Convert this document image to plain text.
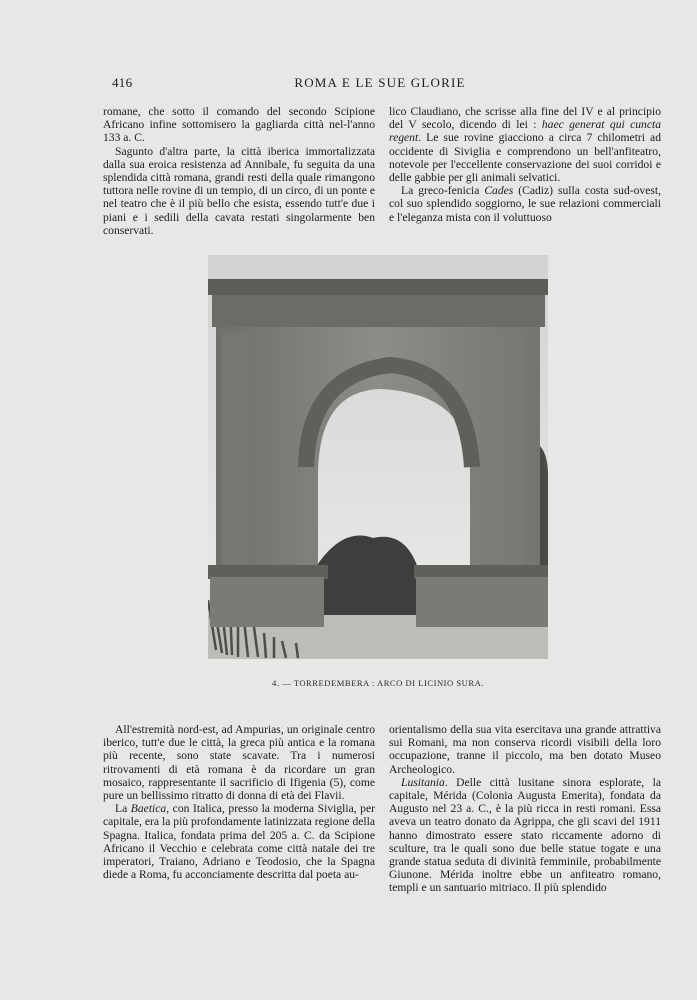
416	ROMA E LE SUE GLORIE

romane, che sotto il comando del secondo Scipione Africano infine sottomisero la gagliarda città nel-l'anno 133 a. C.

Sagunto d'altra parte, la città iberica immortalizzata dalla sua eroica resistenza ad Annibale, fu seguita da una splendida città romana, grandi resti della quale rimangono tuttora nelle rovine di un tempio, di un circo, di un ponte e nel teatro che è il più bello che esista, essendo tutt'e due i piani e i sedili della cavata restati singolarmente ben conservati.

lico Claudiano, che scrisse alla fine del IV e al principio del V secolo, dicendo di lei : haec generat qui cuncta regent. Le sue rovine giacciono a circa 7 chilometri ad occidente di Siviglia e comprendono un bell'anfiteatro, notevole per l'eccellente conservazione dei suoi corridoi e delle gabbie per gli animali selvatici.

La greco-fenicia Cades (Cadiz) sulla costa sud-ovest, col suo splendido soggiorno, le sue relazioni commerciali e l'eleganza mista con il voluttuoso

4. — TORREDEMBERA : ARCO DI LICINIO SURA.

All'estremità nord-est, ad Ampurias, un originale centro iberico, tutt'e due le città, la greca più antica e la romana più recente, sono state scavate. Tra i numerosi ritrovamenti di età romana è da ricordare un gran mosaico, rappresentante il sacrificio di Ifigenia (5), come pure un bellissimo ritratto di donna di età dei Flavii.

La Baetica, con Italica, presso la moderna Siviglia, per capitale, era la più profondamente latinizzata regione della Spagna. Italica, fondata prima del 205 a. C. da Scipione Africano il Vecchio e celebrata come città natale dei tre imperatori, Traiano, Adriano e Teodosio, che la Spagna diede a Roma, fu acconciamente descritta dal poeta au-

orientalismo della sua vita esercitava una grande attrattiva sui Romani, ma non conserva ricordi visibili della loro occupazione, tranne il piccolo, ma ben dotato Museo Archeologico.

Lusitania. Delle città lusitane sinora esplorate, la capitale, Mérida (Colonia Augusta Emerita), fondata da Augusto nel 23 a. C., è la più ricca in resti romani. Essa aveva un teatro donato da Agrippa, che gli scavi del 1911 hanno dimostrato essere stato riccamente adorno di sculture, tra le quali sono due belle statue togate e una grande statua seduta di divinità femminile, probabilmente Giunone. Mérida inoltre ebbe un anfiteatro romano, templi e un santuario mitriaco. Il più splendido
